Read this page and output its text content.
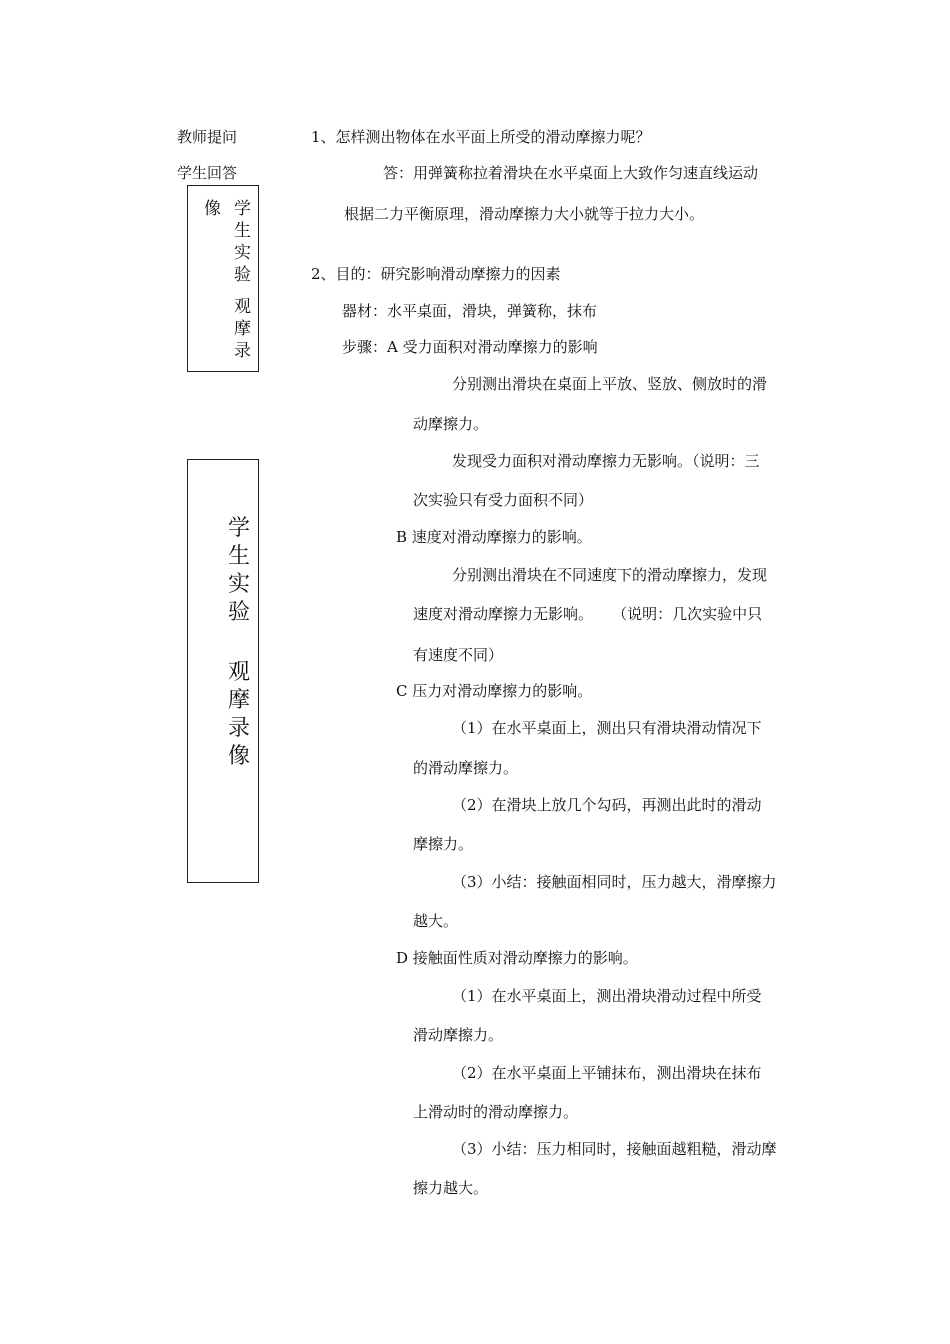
教师提问
学生回答
像 学
生
实
验
观
摩
录
学
生
实
验
观
摩
录
像
1、怎样测出物体在水平面上所受的滑动摩擦力呢？
答：用弹簧称拉着滑块在水平桌面上大致作匀速直线运动
根据二力平衡原理，滑动摩擦力大小就等于拉力大小。
2、目的：研究影响滑动摩擦力的因素
器材：水平桌面，滑块，弹簧称，抹布
步骤：A 受力面积对滑动摩擦力的影响
分别测出滑块在桌面上平放、竖放、侧放时的滑
动摩擦力。
发现受力面积对滑动摩擦力无影响。（说明：三
次实验只有受力面积不同）
B 速度对滑动摩擦力的影响。
分别测出滑块在不同速度下的滑动摩擦力，发现
速度对滑动摩擦力无影响。    （说明：几次实验中只
有速度不同）
C 压力对滑动摩擦力的影响。
（1）在水平桌面上，测出只有滑块滑动情况下
的滑动摩擦力。
（2）在滑块上放几个勾码，再测出此时的滑动
摩擦力。
（3）小结：接触面相同时，压力越大，滑摩擦力
越大。
D 接触面性质对滑动摩擦力的影响。
（1）在水平桌面上，测出滑块滑动过程中所受
滑动摩擦力。
（2）在水平桌面上平铺抹布，测出滑块在抹布
上滑动时的滑动摩擦力。
（3）小结：压力相同时，接触面越粗糙，滑动摩
擦力越大。
